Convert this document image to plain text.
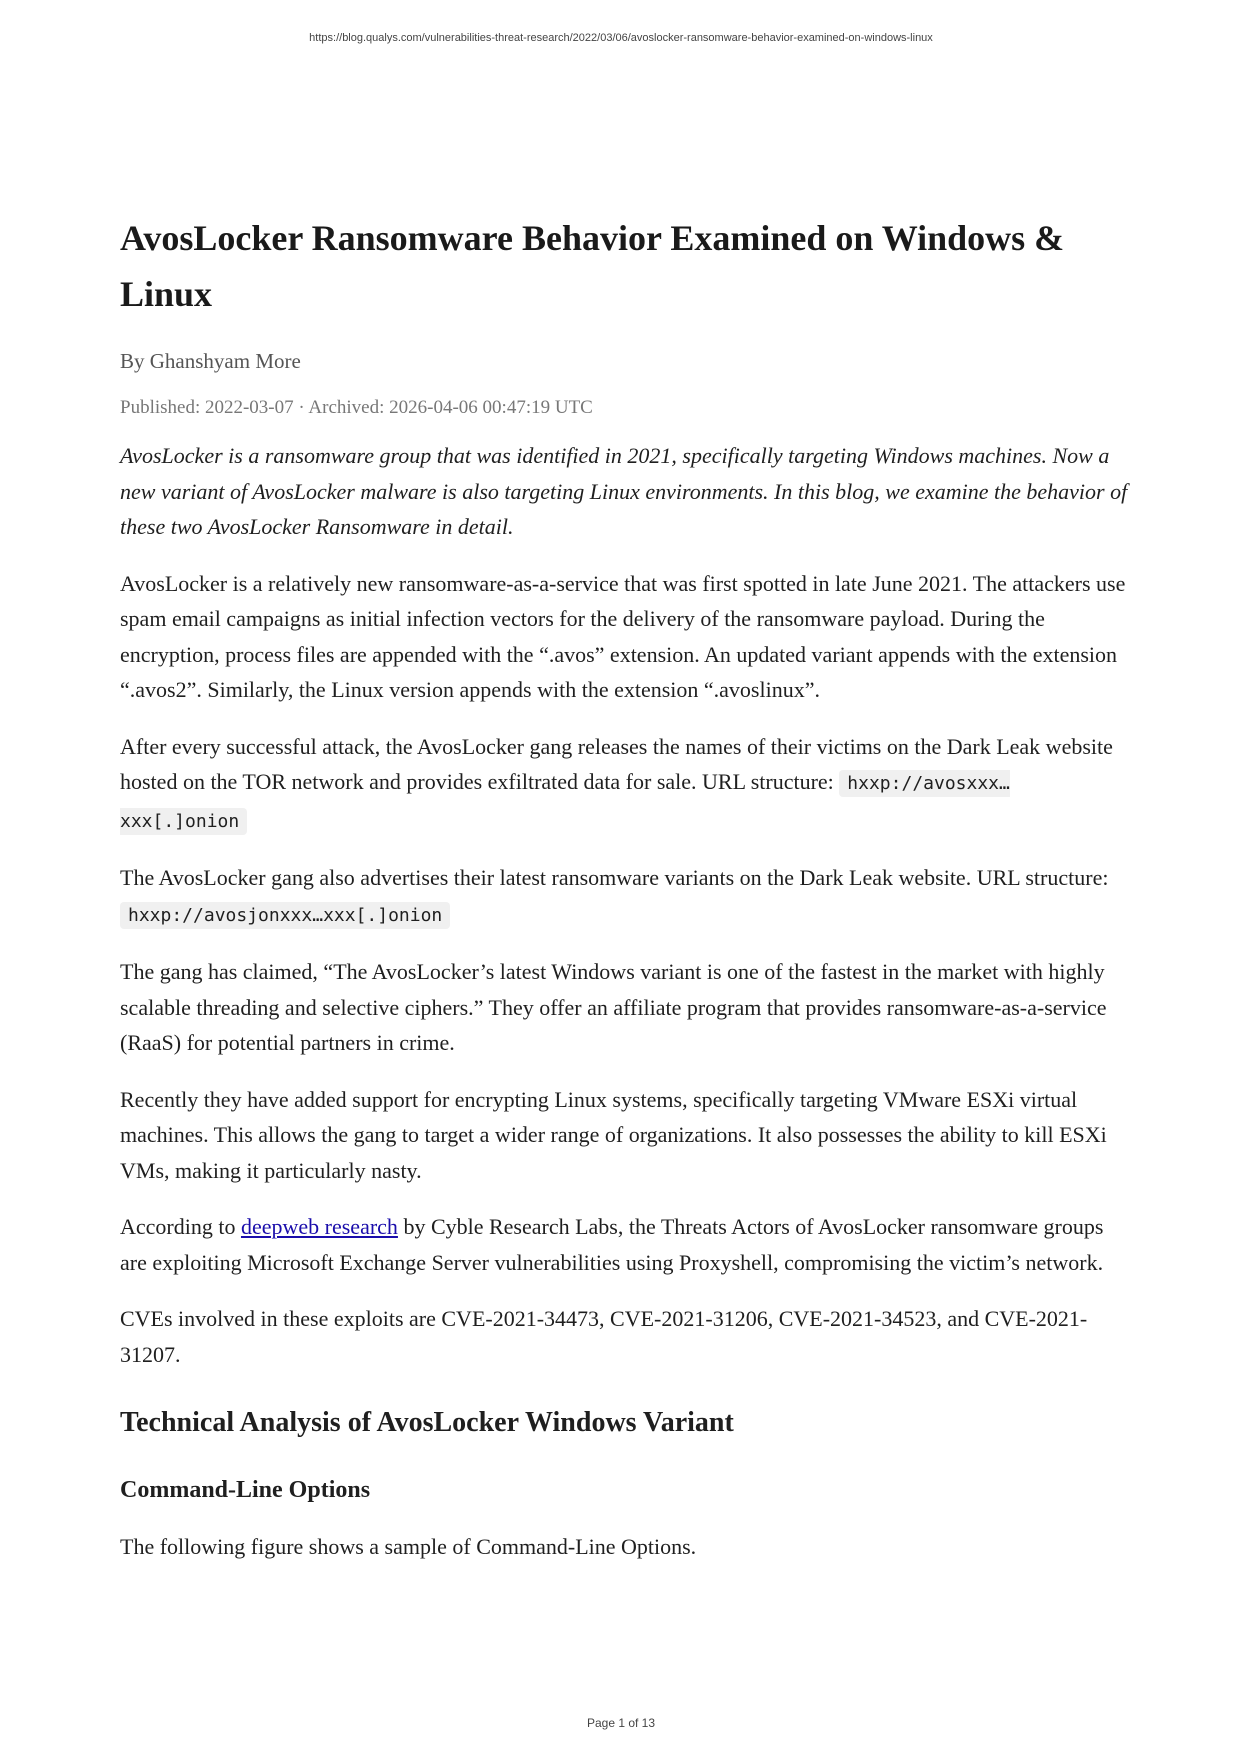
https://blog.qualys.com/vulnerabilities-threat-research/2022/03/06/avoslocker-ransomware-behavior-examined-on-windows-linux
AvosLocker Ransomware Behavior Examined on Windows & Linux
By Ghanshyam More
Published: 2022-03-07 · Archived: 2026-04-06 00:47:19 UTC

AvosLocker is a ransomware group that was identified in 2021, specifically targeting Windows machines. Now a new variant of AvosLocker malware is also targeting Linux environments. In this blog, we examine the behavior of these two AvosLocker Ransomware in detail.

AvosLocker is a relatively new ransomware-as-a-service that was first spotted in late June 2021. The attackers use spam email campaigns as initial infection vectors for the delivery of the ransomware payload. During the encryption, process files are appended with the “.avos” extension. An updated variant appends with the extension “.avos2”. Similarly, the Linux version appends with the extension “.avoslinux”.

After every successful attack, the AvosLocker gang releases the names of their victims on the Dark Leak website hosted on the TOR network and provides exfiltrated data for sale. URL structure: hxxp://avosxxx…xxx[.]onion

The AvosLocker gang also advertises their latest ransomware variants on the Dark Leak website. URL structure: hxxp://avosjonxxx…xxx[.]onion

The gang has claimed, “The AvosLocker’s latest Windows variant is one of the fastest in the market with highly scalable threading and selective ciphers.” They offer an affiliate program that provides ransomware-as-a-service (RaaS) for potential partners in crime.

Recently they have added support for encrypting Linux systems, specifically targeting VMware ESXi virtual machines. This allows the gang to target a wider range of organizations. It also possesses the ability to kill ESXi VMs, making it particularly nasty.

According to deepweb research by Cyble Research Labs, the Threats Actors of AvosLocker ransomware groups are exploiting Microsoft Exchange Server vulnerabilities using Proxyshell, compromising the victim’s network.

CVEs involved in these exploits are CVE-2021-34473, CVE-2021-31206, CVE-2021-34523, and CVE-2021-31207.

Technical Analysis of AvosLocker Windows Variant
Command-Line Options

The following figure shows a sample of Command-Line Options.

Page 1 of 13
